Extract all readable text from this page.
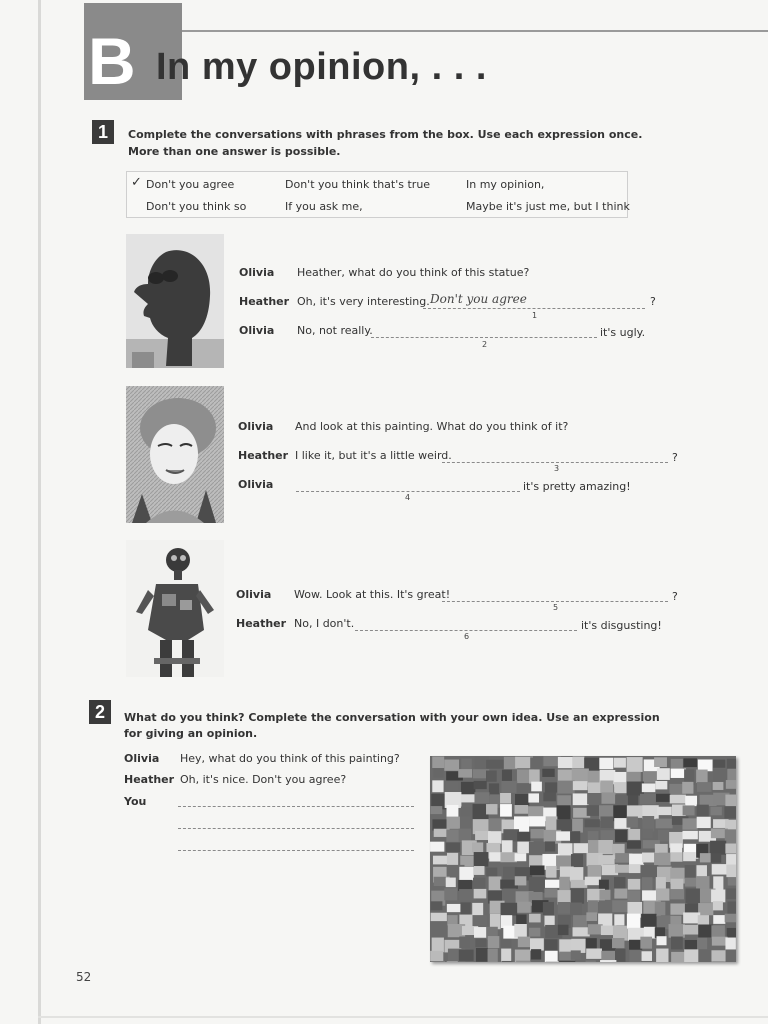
B In my opinion, . . .
1	Complete the conversations with phrases from the box. Use each expression once.
More than one answer is possible.
✓ Don't you agree	Don't you think that's true	In my opinion,
Don't you think so	If you ask me,	Maybe it's just me, but I think
Olivia Heather, what do you think of this statue?
Heather Oh, it's very interesting. Don't you agree	?
1
Olivia No, not really.	it's ugly.
2
Olivia And look at this painting. What do you think of it?
Heather I like it, but it's a little weird.	?
3
Olivia	it's pretty amazing!
4
Olivia Wow. Look at this. It's great!	?
5
Heather No, I don't.	it's disgusting!
6
2	What do you think? Complete the conversation with your own idea. Use an expression
for giving an opinion.
Olivia Hey, what do you think of this painting?
Heather Oh, it's nice. Don't you agree?
You
52
